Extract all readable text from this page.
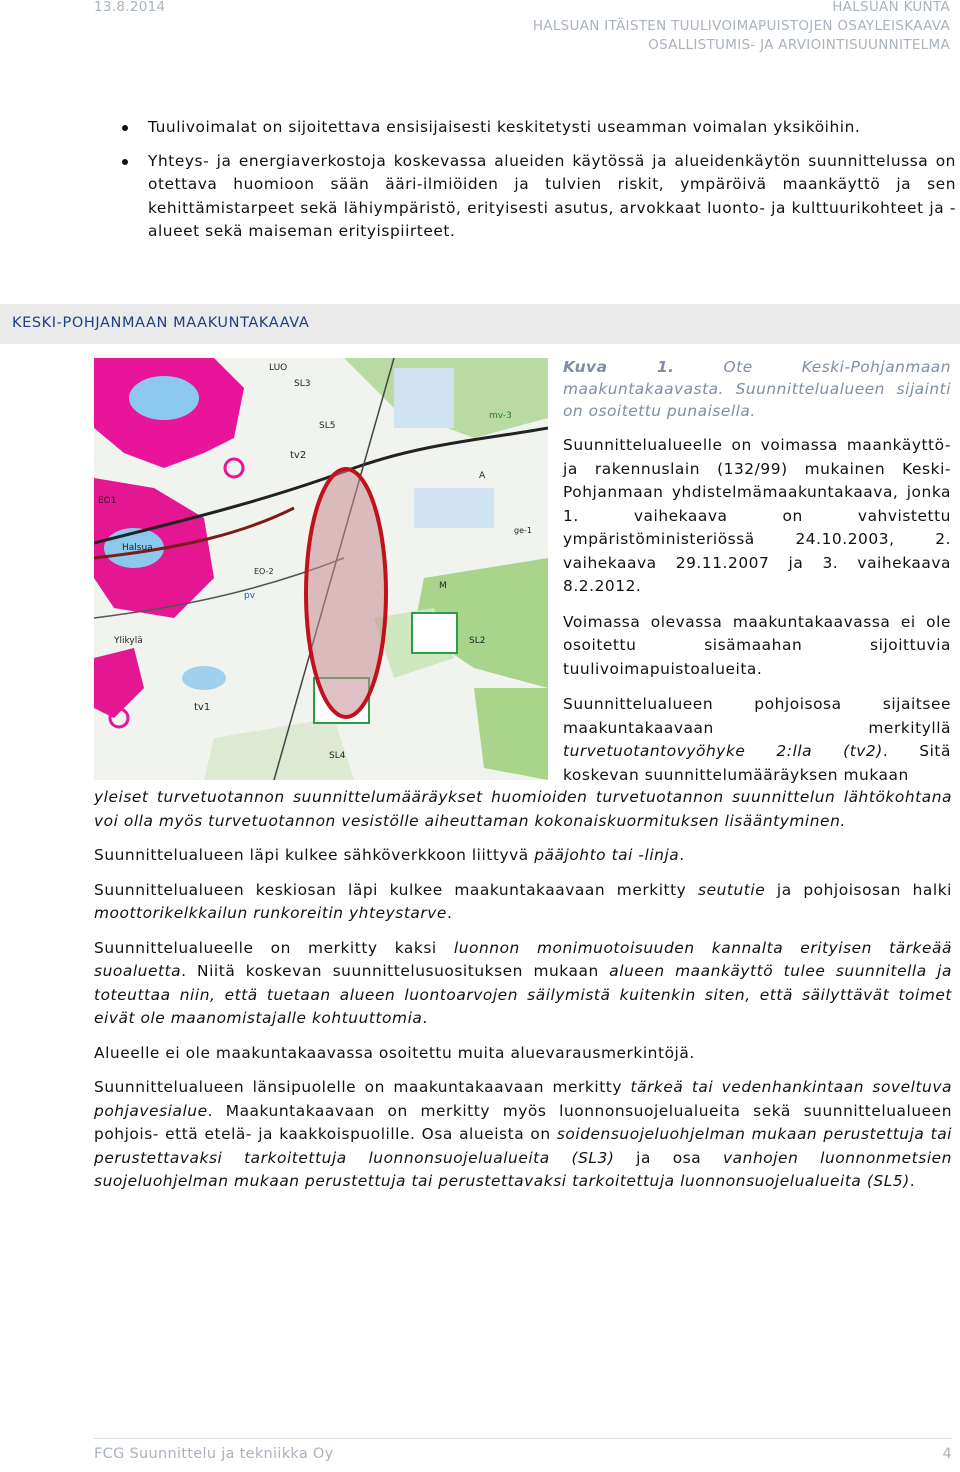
13.8.2014	HALSUAN KUNTA
HALSUAN ITÄISTEN TUULIVOIMAPUISTOJEN OSAYLEISKAAVA
OSALLISTUMIS- JA ARVIOINTISUUNNITELMA
Tuulivoimalat on sijoitettava ensisijaisesti keskitetysti useamman voimalan yksiköihin.
Yhteys- ja energiaverkostoja koskevassa alueiden käytössä ja alueidenkäytön suunnittelussa on otettava huomioon sään ääri-ilmiöiden ja tulvien riskit, ympäröivä maankäyttö ja sen kehittämistarpeet sekä lähiympäristö, erityisesti asutus, arvokkaat luonto- ja kulttuurikohteet ja -alueet sekä maiseman erityispiirteet.
KESKI-POHJANMAAN MAAKUNTAKAAVA
LUO
SL3
SL5
tv2
tv1
pv
EO1
EO-2
Ylikylä
Halsua
SL4
mv-3
ge-1
SL2
M
A

Kuva 1.	Ote Keski-Pohjanmaan maakuntakaavasta. Suunnittelualueen sijainti on osoitettu punaisella.

Suunnittelualueelle on voimassa maankäyttö- ja rakennuslain (132/99) mukainen Keski-Pohjanmaan yhdistelmämaakuntakaava, jonka 1. vaihekaava on vahvistettu ympäristöministeriössä 24.10.2003, 2. vaihekaava 29.11.2007 ja 3. vaihekaava 8.2.2012.

Voimassa olevassa maakuntakaavassa ei ole osoitettu sisämaahan sijoittuvia tuulivoimapuistoalueita.

Suunnittelualueen pohjoisosa sijaitsee maakuntakaavaan merkityllä turvetuotantovyöhyke 2:lla (tv2). Sitä koskevan suunnittelumääräyksen mukaan

yleiset turvetuotannon suunnittelumääräykset huomioiden turvetuotannon suunnittelun lähtökohtana voi olla myös turvetuotannon vesistölle aiheuttaman kokonaiskuormituksen lisääntyminen.

Suunnittelualueen läpi kulkee sähköverkkoon liittyvä pääjohto tai -linja.

Suunnittelualueen keskiosan läpi kulkee maakuntakaavaan merkitty seututie ja pohjoisosan halki moottorikelkkailun runkoreitin yhteystarve.

Suunnittelualueelle on merkitty kaksi luonnon monimuotoisuuden kannalta erityisen tärkeää suoaluetta. Niitä koskevan suunnittelusuosituksen mukaan alueen maankäyttö tulee suunnitella ja toteuttaa niin, että tuetaan alueen luontoarvojen säilymistä kuitenkin siten, että säilyttävät toimet eivät ole maanomistajalle kohtuuttomia.

Alueelle ei ole maakuntakaavassa osoitettu muita aluevarausmerkintöjä.

Suunnittelualueen länsipuolelle on maakuntakaavaan merkitty tärkeä tai vedenhankintaan soveltuva pohjavesialue. Maakuntakaavaan on merkitty myös luonnonsuojelualueita sekä suunnittelualueen pohjois- että etelä- ja kaakkoispuolille. Osa alueista on soidensuojeluohjelman mukaan perustettuja tai perustettavaksi tarkoitettuja luonnonsuojelualueita (SL3) ja osa vanhojen luonnonmetsien suojeluohjelman mukaan perustettuja tai perustettavaksi tarkoitettuja luonnonsuojelualueita (SL5).

FCG Suunnittelu ja tekniikka Oy	4
